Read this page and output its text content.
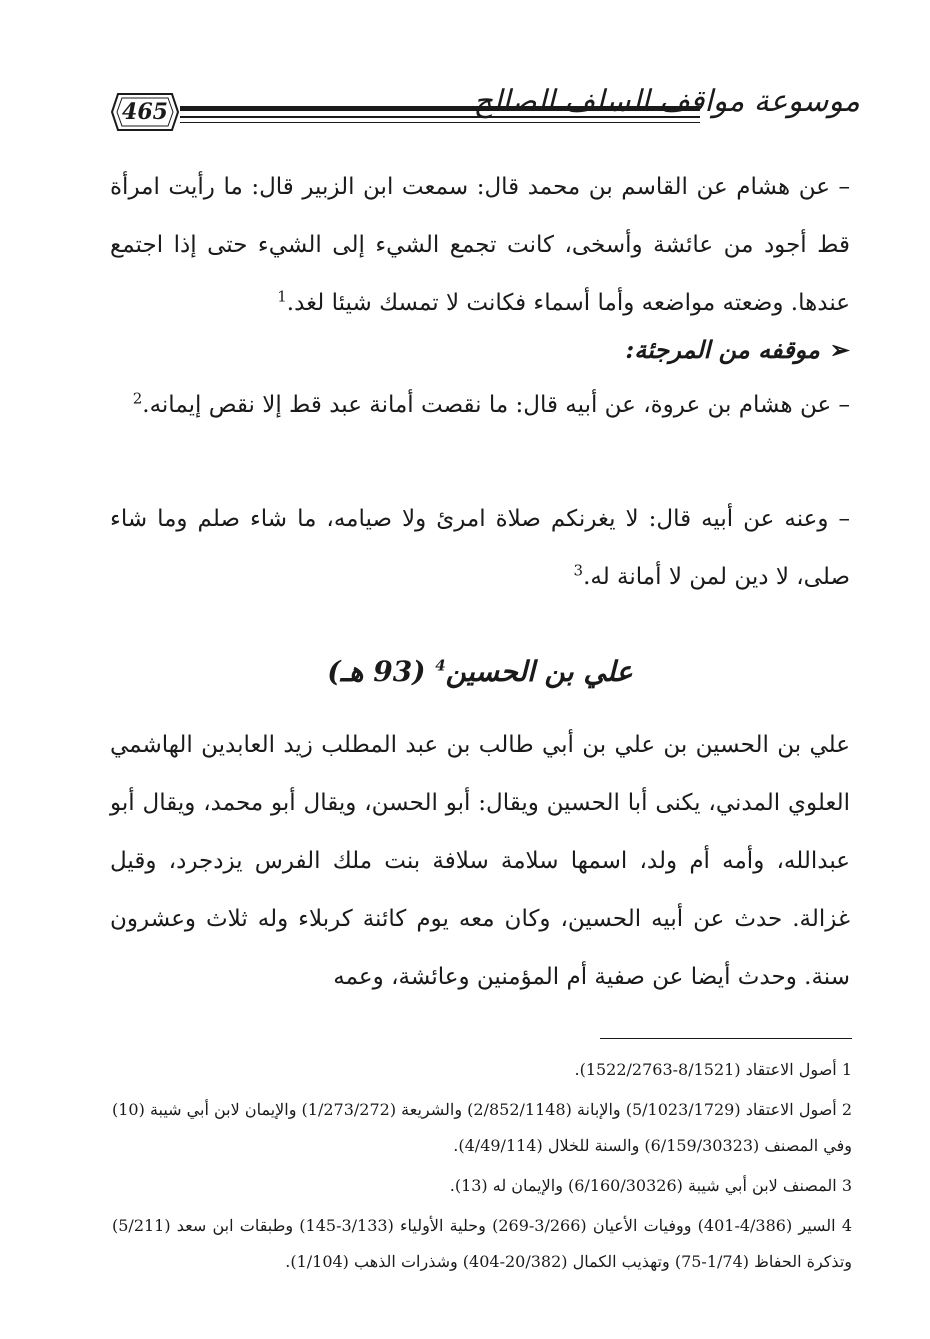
465	موسوعة مواقف السلف الصالح

– عن هشام عن القاسم بن محمد قال: سمعت ابن الزبير قال: ما رأيت امرأة قط أجود من عائشة وأسخى، كانت تجمع الشيء إلى الشيء حتى إذا اجتمع عندها. وضعته مواضعه وأما أسماء فكانت لا تمسك شيئا لغد.$^1$

➢موقفه من المرجئة:

– عن هشام بن عروة، عن أبيه قال: ما نقصت أمانة عبد قط إلا نقص إيمانه.$^2$

– وعنه عن أبيه قال: لا يغرنكم صلاة امرئ ولا صيامه، ما شاء صلم وما شاء صلى، لا دين لمن لا أمانة له.$^3$

علي بن الحسين$^4$ (93 هـ)

علي بن الحسين بن علي بن أبي طالب بن عبد المطلب زيد العابدين الهاشمي العلوي المدني، يكنى أبا الحسين ويقال: أبو الحسن، ويقال أبو محمد، ويقال أبو عبدالله، وأمه أم ولد، اسمها سلامة سلافة بنت ملك الفرس يزدجرد، وقيل غزالة. حدث عن أبيه الحسين، وكان معه يوم كائنة كربلاء وله ثلاث وعشرون سنة. وحدث أيضا عن صفية أم المؤمنين وعائشة، وعمه

1 أصول الاعتقاد (8/1521-1522/2763).

2 أصول الاعتقاد (5/1023/1729) والإبانة (2/852/1148) والشريعة (1/273/272) والإيمان لابن أبي شيبة (10) وفي المصنف (6/159/30323) والسنة للخلال (4/49/114).

3 المصنف لابن أبي شيبة (6/160/30326) والإيمان له (13).

4 السير (4/386-401) ووفيات الأعيان (3/266-269) وحلية الأولياء (3/133-145) وطبقات ابن سعد (5/211) وتذكرة الحفاظ (1/74-75) وتهذيب الكمال (20/382-404) وشذرات الذهب (1/104).
